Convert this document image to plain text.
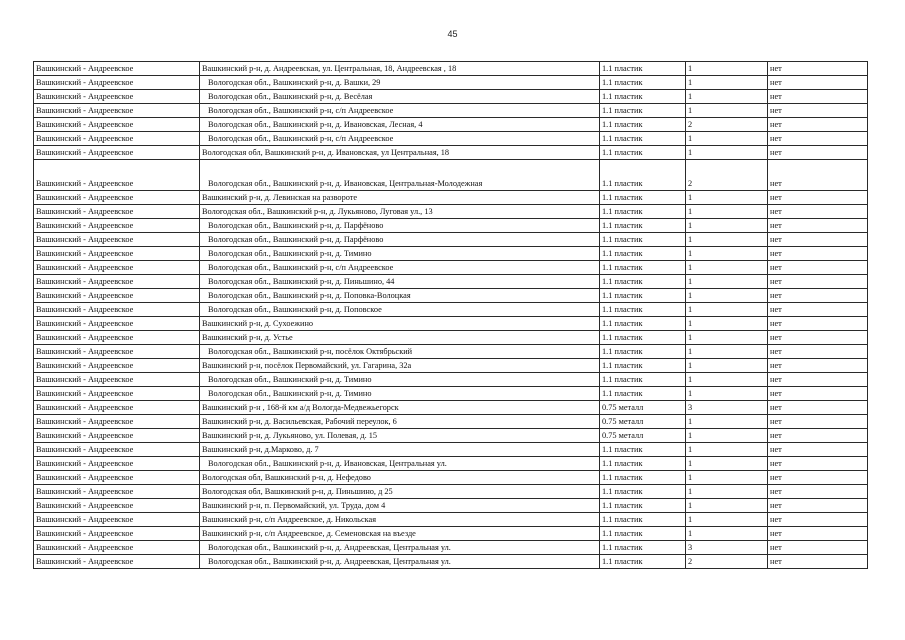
45
Вашкинский - Андреевское	Вашкинский р-н, д. Андреевская, ул. Центральная, 18, Андреевская , 18	1.1 пластик	1	нет
Вашкинский - Андреевское	Вологодская обл., Вашкинский р-н, д. Вашки, 29	1.1 пластик	1	нет
Вашкинский - Андреевское	Вологодская обл., Вашкинский р-н, д. Весёлая	1.1 пластик	1	нет
Вашкинский - Андреевское	Вологодская обл., Вашкинский р-н, с/п Андреевское	1.1 пластик	1	нет
Вашкинский - Андреевское	Вологодская обл., Вашкинский р-н, д. Ивановская, Лесная, 4	1.1 пластик	2	нет
Вашкинский - Андреевское	Вологодская обл., Вашкинский р-н, с/п Андреевское	1.1 пластик	1	нет
Вашкинский - Андреевское	Вологодская обл, Вашкинский р-н, д. Ивановская, ул Центральная, 18	1.1 пластик	1	нет
Вашкинский - Андреевское	Вологодская обл., Вашкинский р-н, д. Ивановская, Центральная-Молодежная	1.1 пластик	2	нет
Вашкинский - Андреевское	Вашкинский р-н, д. Левинская на развороте	1.1 пластик	1	нет
Вашкинский - Андреевское	Вологодская обл., Вашкинский р-н, д. Лукьяново, Луговая ул., 13	1.1 пластик	1	нет
Вашкинский - Андреевское	Вологодская обл., Вашкинский р-н, д. Парфёново	1.1 пластик	1	нет
Вашкинский - Андреевское	Вологодская обл., Вашкинский р-н, д. Парфёново	1.1 пластик	1	нет
Вашкинский - Андреевское	Вологодская обл., Вашкинский р-н, д. Тимино	1.1 пластик	1	нет
Вашкинский - Андреевское	Вологодская обл., Вашкинский р-н, с/п Андреевское	1.1 пластик	1	нет
Вашкинский - Андреевское	Вологодская обл., Вашкинский р-н, д. Пиньшино, 44	1.1 пластик	1	нет
Вашкинский - Андреевское	Вологодская обл., Вашкинский р-н, д. Поповка-Волоцкая	1.1 пластик	1	нет
Вашкинский - Андреевское	Вологодская обл., Вашкинский р-н, д. Поповское	1.1 пластик	1	нет
Вашкинский - Андреевское	Вашкинский р-н, д. Сухоежино	1.1 пластик	1	нет
Вашкинский - Андреевское	Вашкинский р-н, д. Устье	1.1 пластик	1	нет
Вашкинский - Андреевское	Вологодская обл., Вашкинский р-н, посёлок Октябрьский	1.1 пластик	1	нет
Вашкинский - Андреевское	Вашкинский р-н, посёлок Первомайский, ул. Гагарина, 32а	1.1 пластик	1	нет
Вашкинский - Андреевское	Вологодская обл., Вашкинский р-н, д. Тимино	1.1 пластик	1	нет
Вашкинский - Андреевское	Вологодская обл., Вашкинский р-н, д. Тимино	1.1 пластик	1	нет
Вашкинский - Андреевское	Вашкинский р-н , 168-й км а/д Вологда-Медвежьегорск	0.75 металл	3	нет
Вашкинский - Андреевское	Вашкинский р-н, д. Васильевская, Рабочий переулок, 6	0.75 металл	1	нет
Вашкинский - Андреевское	Вашкинский р-н, д. Лукьяново, ул. Полевая, д. 15	0.75 металл	1	нет
Вашкинский - Андреевское	Вашкинский р-н, д.Марково, д. 7	1.1 пластик	1	нет
Вашкинский - Андреевское	Вологодская обл., Вашкинский р-н, д. Ивановская, Центральная ул.	1.1 пластик	1	нет
Вашкинский - Андреевское	Вологодская обл, Вашкинский р-н, д. Нефедово	1.1 пластик	1	нет
Вашкинский - Андреевское	Вологодская обл, Вашкинский р-н, д. Пиньшино, д 25	1.1 пластик	1	нет
Вашкинский - Андреевское	Вашкинский р-н, п. Первомайский, ул. Труда, дом 4	1.1 пластик	1	нет
Вашкинский - Андреевское	Вашкинский р-н, с/п Андреевское, д. Никольская	1.1 пластик	1	нет
Вашкинский - Андреевское	Вашкинский р-н, с/п Андреевское, д. Семеновская на въезде	1.1 пластик	1	нет
Вашкинский - Андреевское	Вологодская обл., Вашкинский р-н, д. Андреевская, Центральная ул.	1.1 пластик	3	нет
Вашкинский - Андреевское	Вологодская обл., Вашкинский р-н, д. Андреевская, Центральная ул.	1.1 пластик	2	нет
